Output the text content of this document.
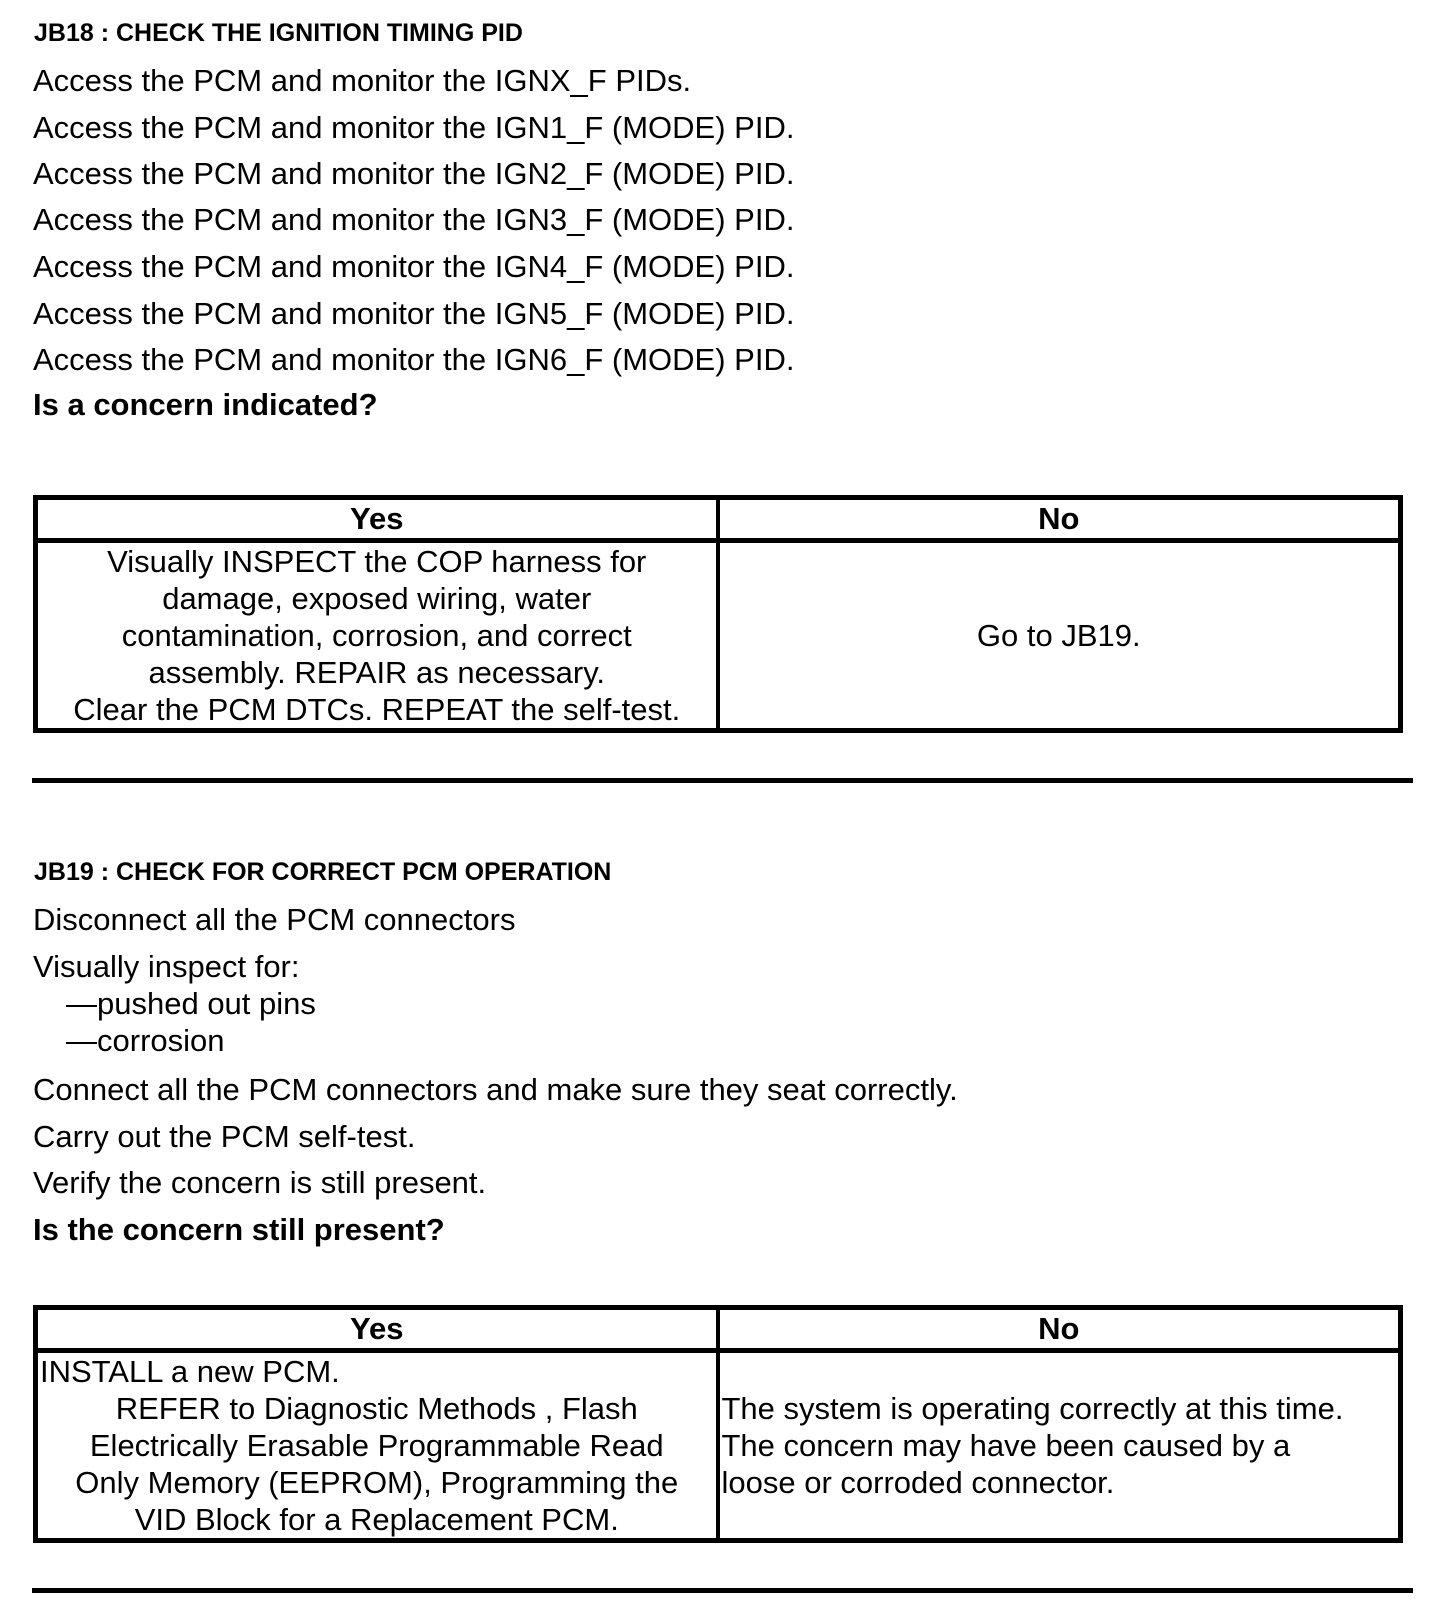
JB18 : CHECK THE IGNITION TIMING PID
Access the PCM and monitor the IGNX_F PIDs.
Access the PCM and monitor the IGN1_F (MODE) PID.
Access the PCM and monitor the IGN2_F (MODE) PID.
Access the PCM and monitor the IGN3_F (MODE) PID.
Access the PCM and monitor the IGN4_F (MODE) PID.
Access the PCM and monitor the IGN5_F (MODE) PID.
Access the PCM and monitor the IGN6_F (MODE) PID.
Is a concern indicated?
Yes	No

Visually INSPECT the COP harness for
damage, exposed wiring, water
contamination, corrosion, and correct
assembly. REPAIR as necessary.
Clear the PCM DTCs. REPEAT the self-test.	Go to JB19.
JB19 : CHECK FOR CORRECT PCM OPERATION
Disconnect all the PCM connectors
Visually inspect for:
—pushed out pins
—corrosion
Connect all the PCM connectors and make sure they seat correctly.
Carry out the PCM self-test.
Verify the concern is still present.
Is the concern still present?
Yes	No

INSTALL a new PCM.
REFER to Diagnostic Methods , Flash
Electrically Erasable Programmable Read
Only Memory (EEPROM), Programming the
VID Block for a Replacement PCM.	The system is operating correctly at this time.
The concern may have been caused by a
loose or corroded connector.
